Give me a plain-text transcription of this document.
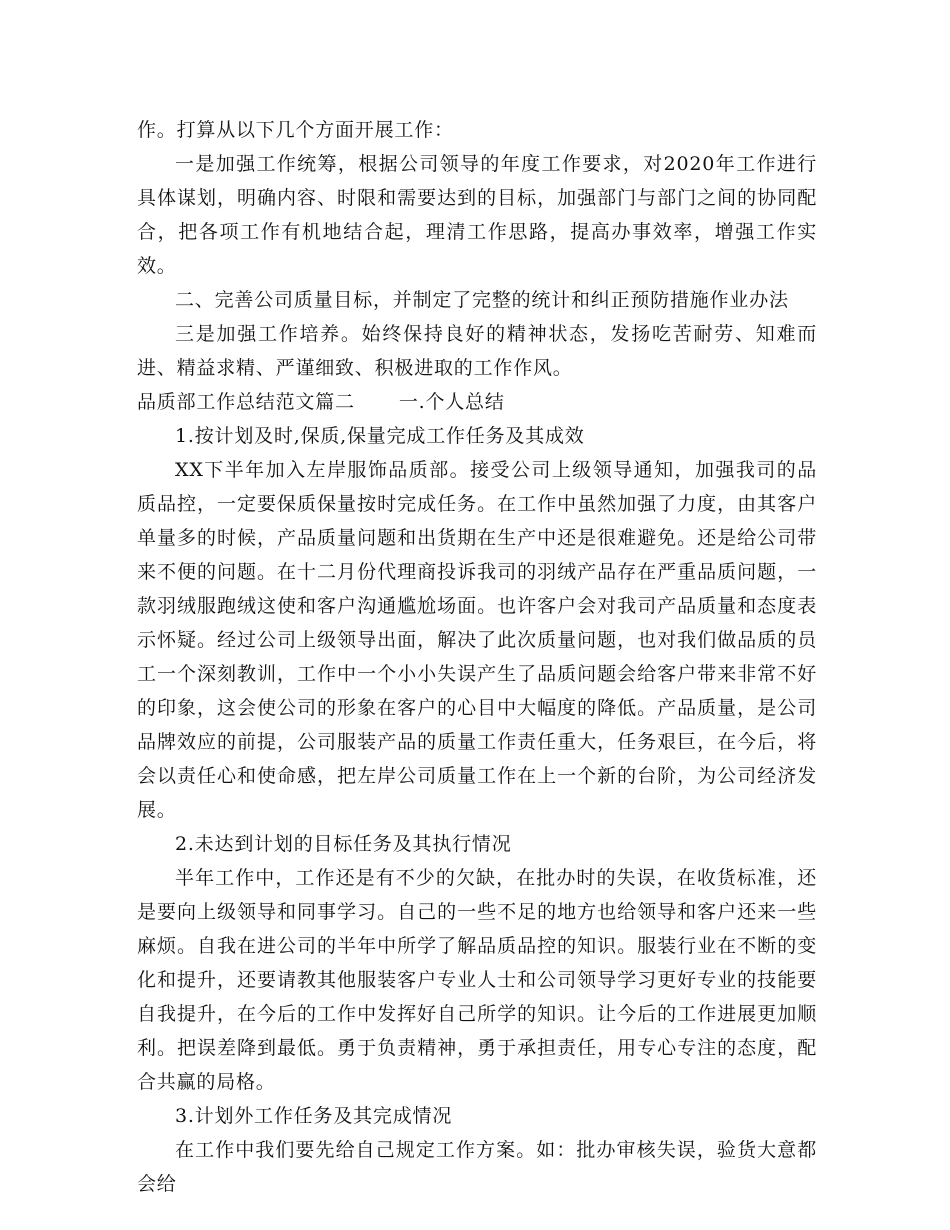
作。打算从以下几个方面开展工作：

一是加强工作统筹，根据公司领导的年度工作要求，对2020年工作进行具体谋划，明确内容、时限和需要达到的目标，加强部门与部门之间的协同配合，把各项工作有机地结合起，理清工作思路，提高办事效率，增强工作实效。

二、完善公司质量目标，并制定了完整的统计和纠正预防措施作业办法

三是加强工作培养。始终保持良好的精神状态，发扬吃苦耐劳、知难而进、精益求精、严谨细致、积极进取的工作作风。

品质部工作总结范文篇二 一.个人总结

1.按计划及时,保质,保量完成工作任务及其成效

XX下半年加入左岸服饰品质部。接受公司上级领导通知，加强我司的品质品控，一定要保质保量按时完成任务。在工作中虽然加强了力度，由其客户单量多的时候，产品质量问题和出货期在生产中还是很难避免。还是给公司带来不便的问题。在十二月份代理商投诉我司的羽绒产品存在严重品质问题，一款羽绒服跑绒这使和客户沟通尴尬场面。也许客户会对我司产品质量和态度表示怀疑。经过公司上级领导出面，解决了此次质量问题，也对我们做品质的员工一个深刻教训，工作中一个小小失误产生了品质问题会给客户带来非常不好的印象，这会使公司的形象在客户的心目中大幅度的降低。产品质量，是公司品牌效应的前提，公司服装产品的质量工作责任重大，任务艰巨，在今后，将会以责任心和使命感，把左岸公司质量工作在上一个新的台阶，为公司经济发展。

2.未达到计划的目标任务及其执行情况

半年工作中，工作还是有不少的欠缺，在批办时的失误，在收货标准，还是要向上级领导和同事学习。自己的一些不足的地方也给领导和客户还来一些麻烦。自我在进公司的半年中所学了解品质品控的知识。服装行业在不断的变化和提升，还要请教其他服装客户专业人士和公司领导学习更好专业的技能要自我提升，在今后的工作中发挥好自己所学的知识。让今后的工作进展更加顺利。把误差降到最低。勇于负责精神，勇于承担责任，用专心专注的态度，配合共赢的局格。

3.计划外工作任务及其完成情况

在工作中我们要先给自己规定工作方案。如：批办审核失误，验货大意都会给
